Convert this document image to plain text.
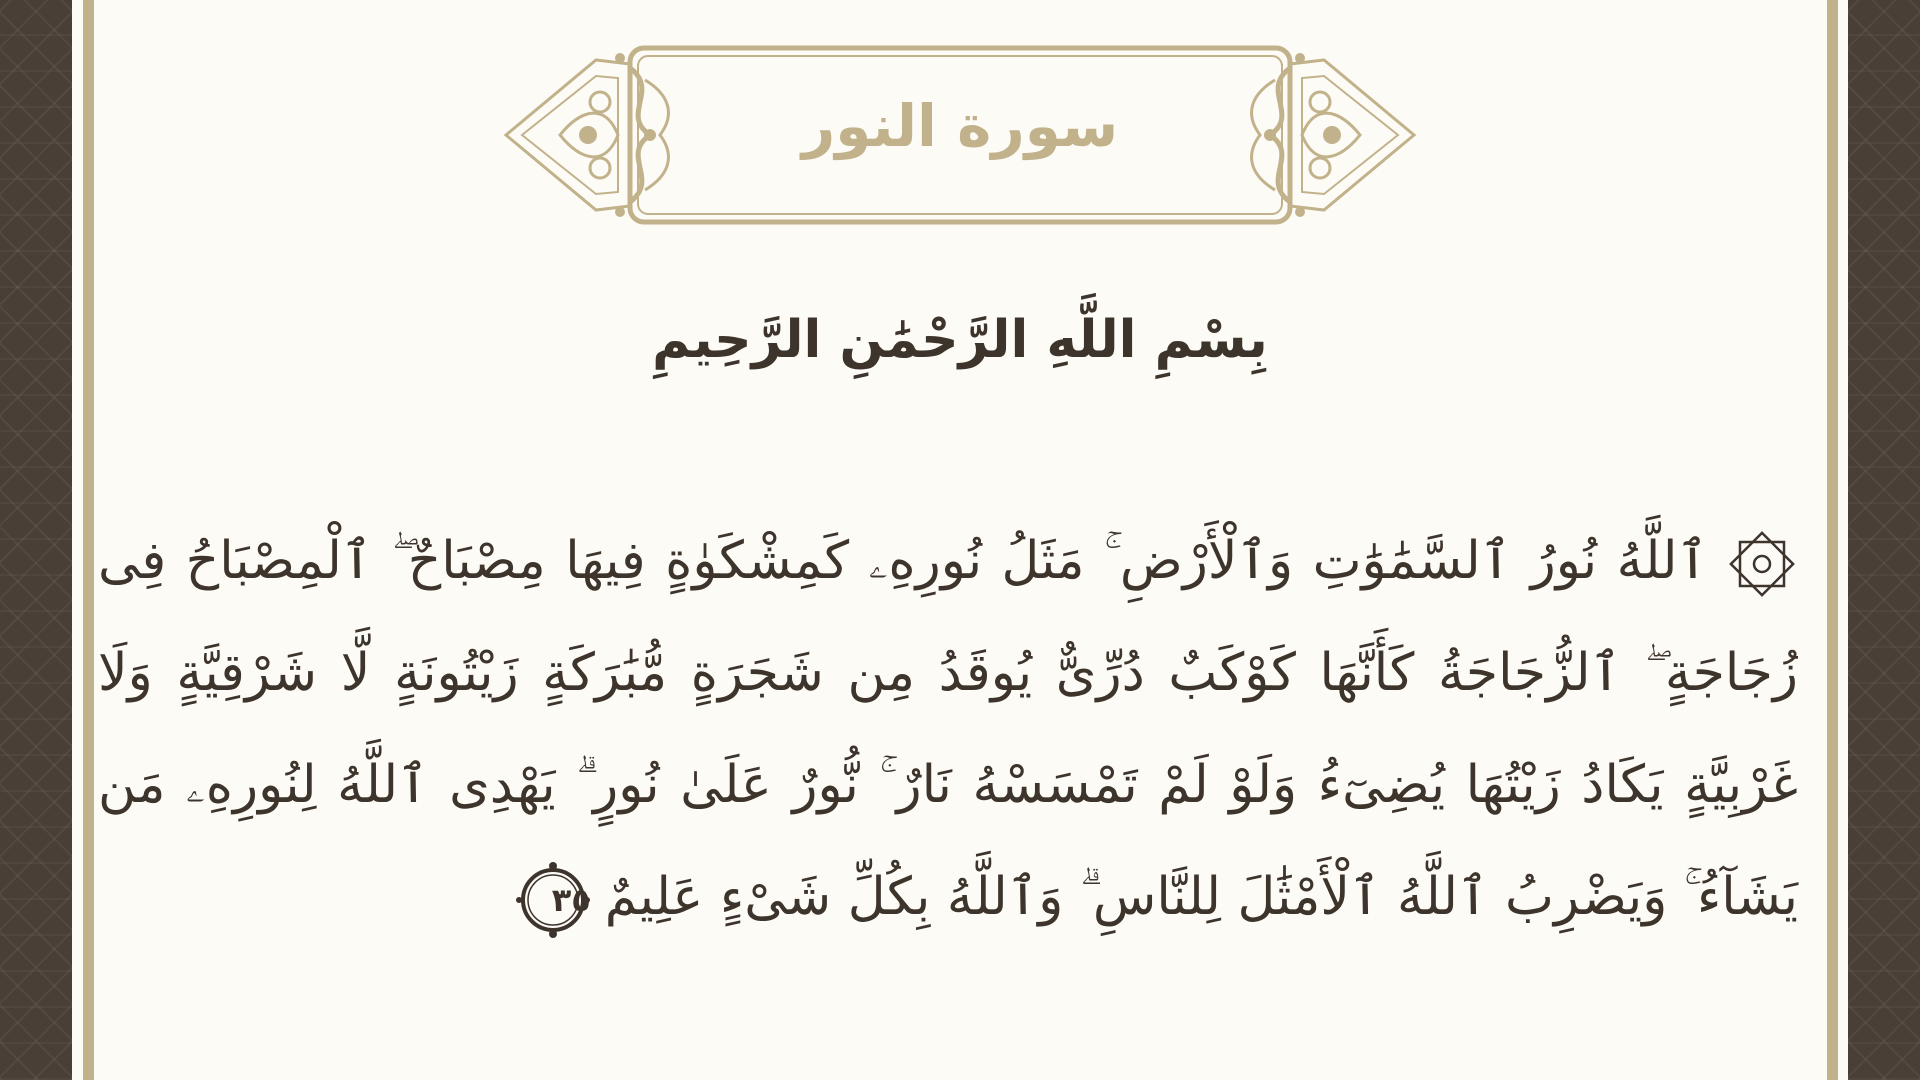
سورة النور
بِسْمِ اللَّهِ الرَّحْمَٰنِ الرَّحِيمِ
ٱللَّهُ نُورُ ٱلسَّمَٰوَٰتِ وَٱلْأَرْضِ ۚ مَثَلُ نُورِهِۦ كَمِشْكَوٰةٍ فِيهَا مِصْبَاحٌ ۖ ٱلْمِصْبَاحُ فِى زُجَاجَةٍ ۖ ٱلزُّجَاجَةُ كَأَنَّهَا كَوْكَبٌ دُرِّىٌّ يُوقَدُ مِن شَجَرَةٍ مُّبَٰرَكَةٍ زَيْتُونَةٍ لَّا شَرْقِيَّةٍ وَلَا غَرْبِيَّةٍ يَكَادُ زَيْتُهَا يُضِىٓءُ وَلَوْ لَمْ تَمْسَسْهُ نَارٌ ۚ نُّورٌ عَلَىٰ نُورٍ ۗ يَهْدِى ٱللَّهُ لِنُورِهِۦ مَن يَشَآءُ ۚ وَيَضْرِبُ ٱللَّهُ ٱلْأَمْثَٰلَ لِلنَّاسِ ۗ وَٱللَّهُ بِكُلِّ شَىْءٍ عَلِيمٌ
٣٥
